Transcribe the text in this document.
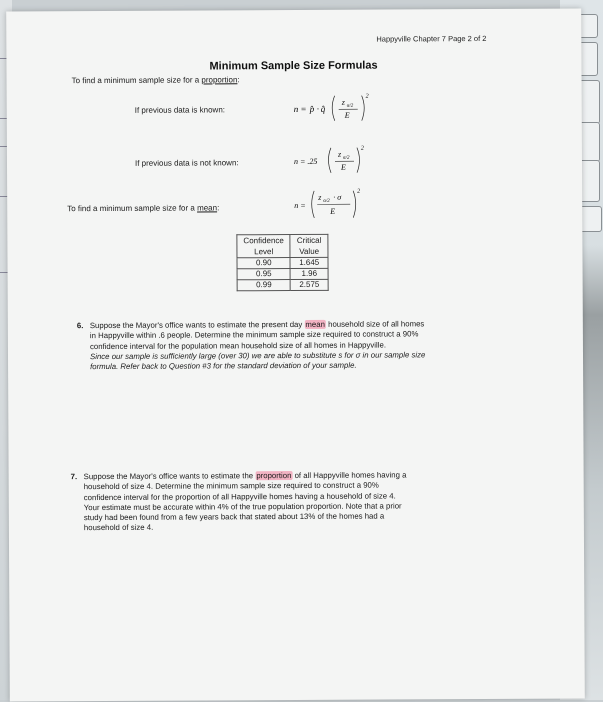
Happyville Chapter 7 Page 2 of 2
Minimum Sample Size Formulas
To find a minimum sample size for a proportion:
If previous data is known:	n = p̂ · q̂
z α/2
E
2
If previous data is not known:	n = .25
z α/2
E
2
To find a minimum sample size for a mean:	n =
z α/2 · σ
E
2
Confidence
Level	Critical
Value
0.90	1.645
0.95	1.96
0.99	2.575
6. Suppose the Mayor's office wants to estimate the present day mean household size of all homes
in Happyville within .6 people. Determine the minimum sample size required to construct a 90%
confidence interval for the population mean household size of all homes in Happyville.
Since our sample is sufficiently large (over 30) we are able to substitute s for σ in our sample size
formula. Refer back to Question #3 for the standard deviation of your sample.
7. Suppose the Mayor's office wants to estimate the proportion of all Happyville homes having a
household of size 4. Determine the minimum sample size required to construct a 90%
confidence interval for the proportion of all Happyville homes having a household of size 4.
Your estimate must be accurate within 4% of the true population proportion. Note that a prior
study had been found from a few years back that stated about 13% of the homes had a
household of size 4.
